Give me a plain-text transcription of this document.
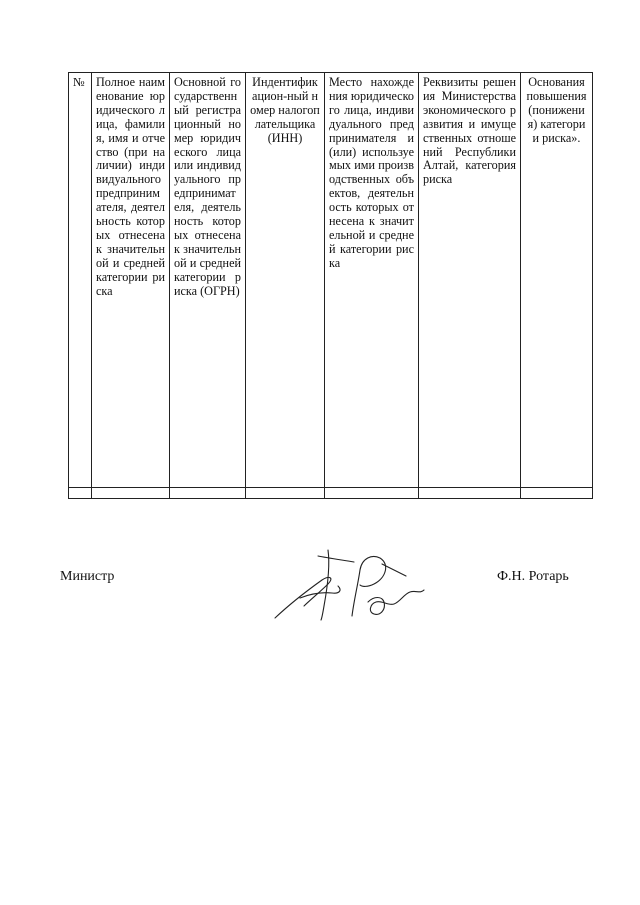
№	Полное наименование юридического лица, фамилия, имя и отчество (при наличии) индивидуального предпринимателя, деятельность которых отнесена к значительной и средней категории риска	Основной государственный регистрационный номер юридического лица или индивидуального предпринимателя, деятельность которых отнесена к значительной и средней категории риска (ОГРН)	Индентификацион-ный номер налогоплательщика (ИНН)	Место нахождения юридического лица, индивидуального предпринимателя и (или) используемых ими производственных объектов, деятельность которых отнесена к значительной и средней категории риска	Реквизиты решения Министерства экономического развития и имущественных отношений Республики Алтай, категория риска	Основания повышения (понижения) категории риска».

Министр	Ф.Н. Ротарь
